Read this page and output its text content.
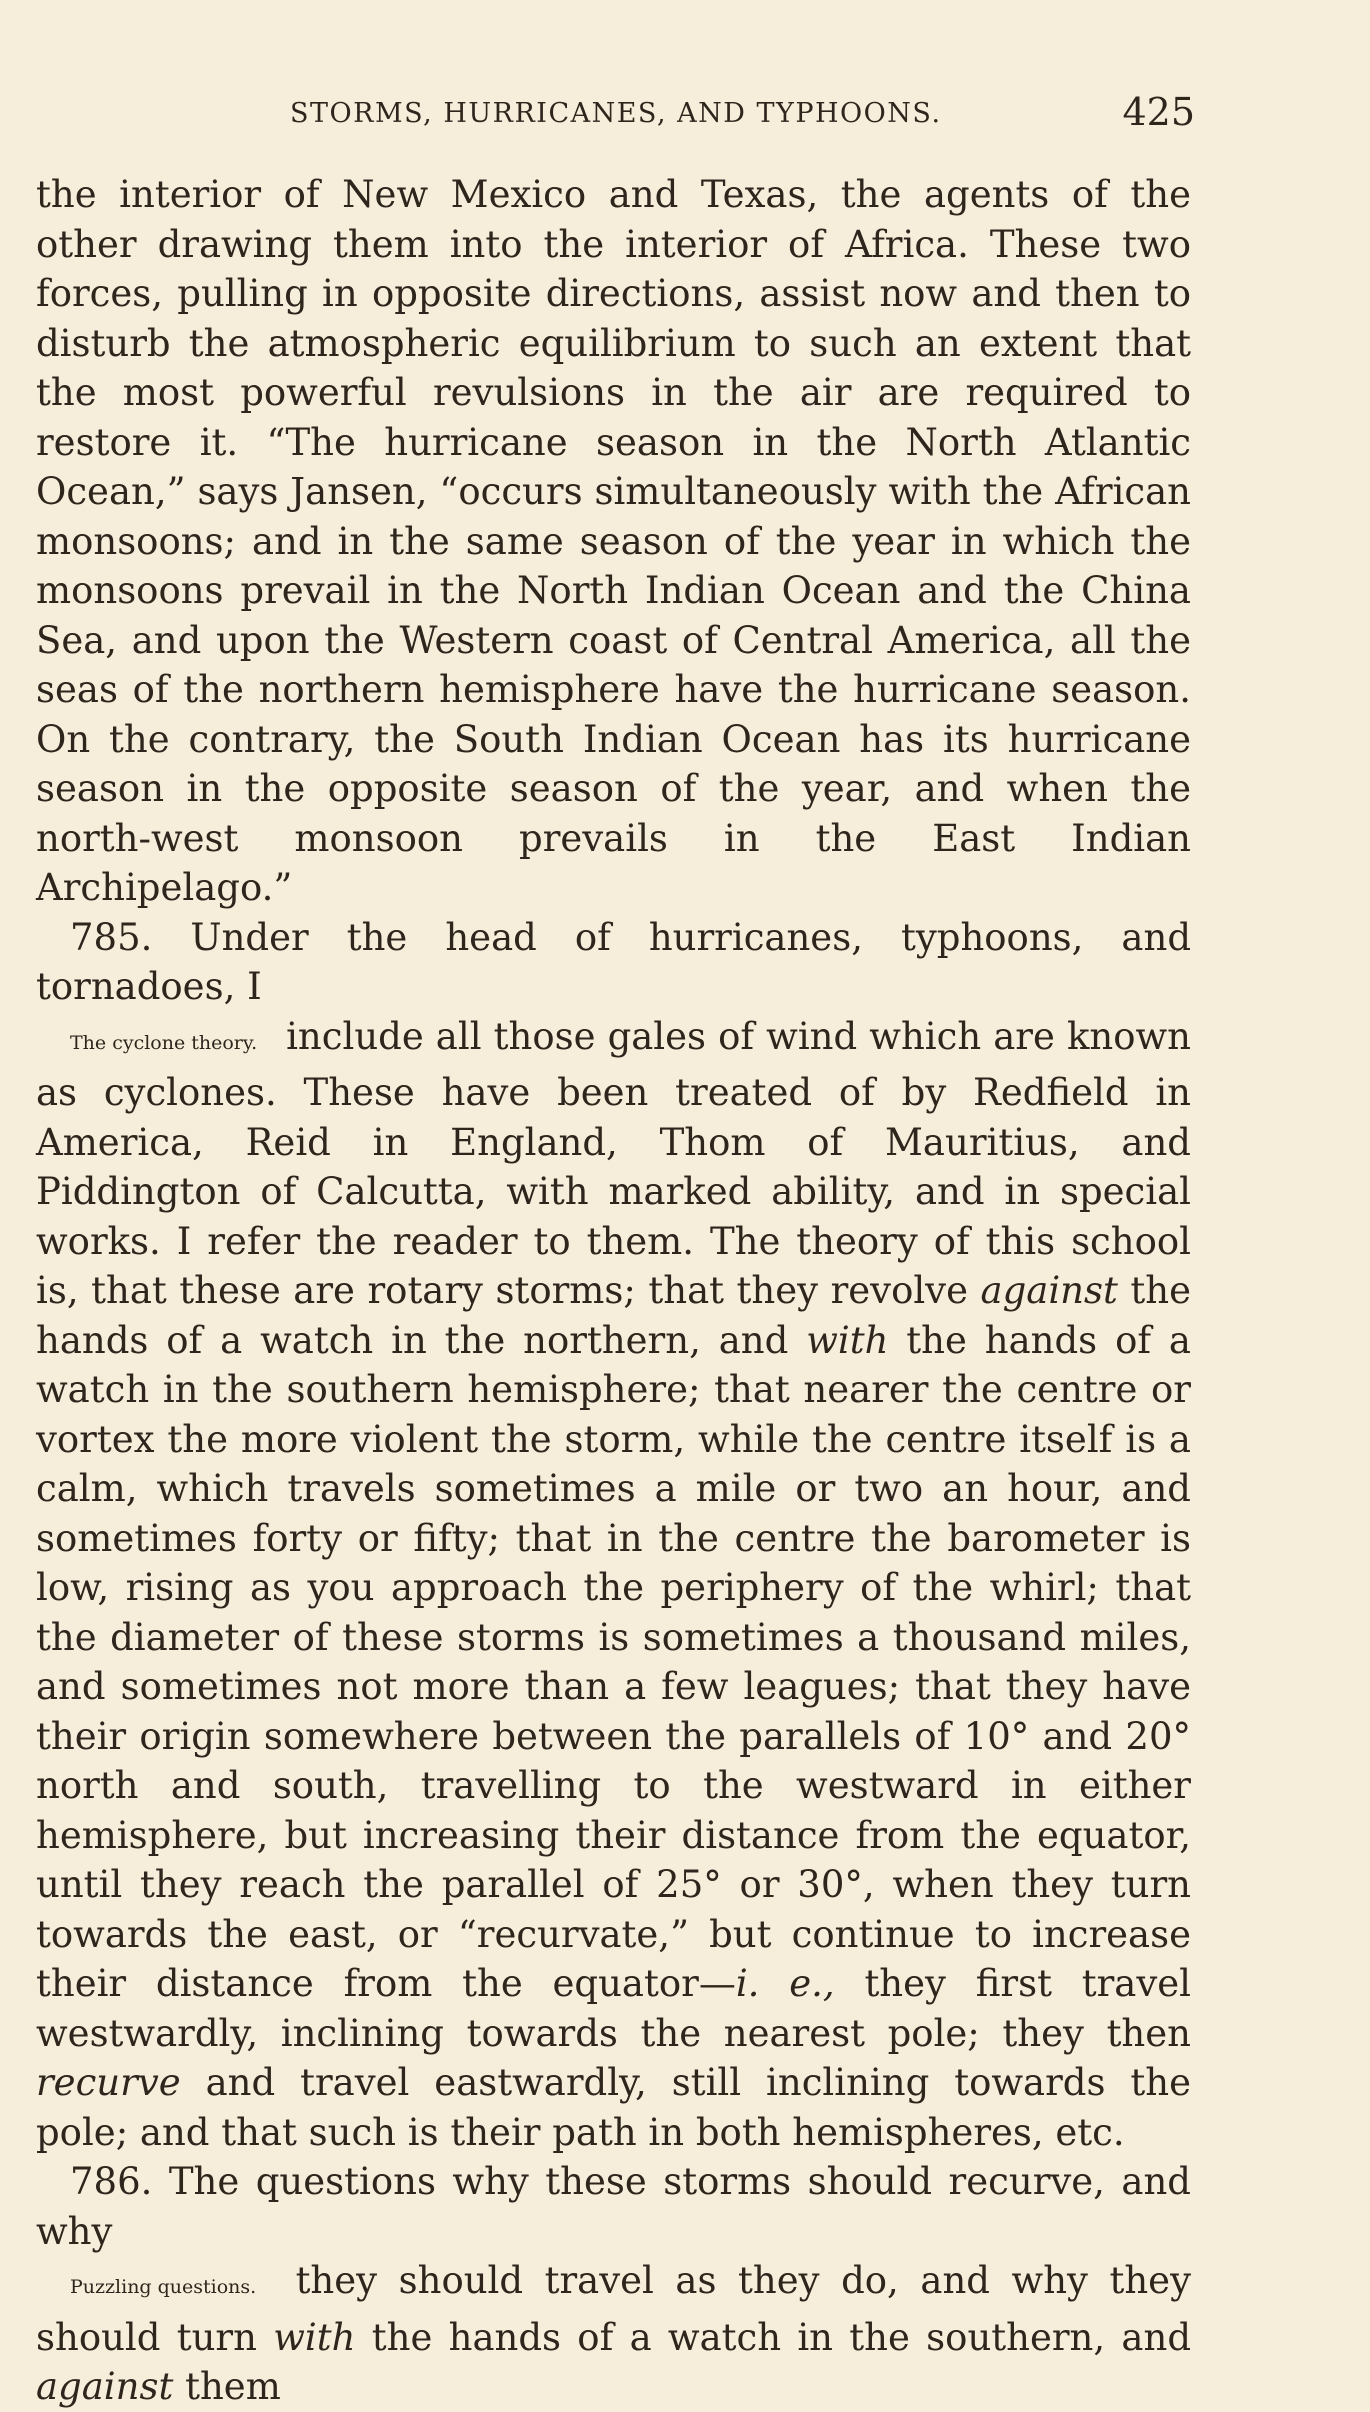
STORMS, HURRICANES, AND TYPHOONS.	425

the interior of New Mexico and Texas, the agents of the other drawing them into the interior of Africa. These two forces, pulling in opposite directions, assist now and then to disturb the atmospheric equilibrium to such an extent that the most powerful revulsions in the air are required to restore it. “The hurricane season in the North Atlantic Ocean,” says Jansen, “occurs simultaneously with the African monsoons; and in the same season of the year in which the monsoons prevail in the North Indian Ocean and the China Sea, and upon the Western coast of Central America, all the seas of the northern hemisphere have the hurricane season. On the contrary, the South Indian Ocean has its hurricane season in the opposite season of the year, and when the north-west monsoon prevails in the East Indian Archipelago.”

785. Under the head of hurricanes, typhoons, and tornadoes, I
The cyclone theory. include all those gales of wind which are known as cyclones. These have been treated of by Redfield in America, Reid in England, Thom of Mauritius, and Piddington of Calcutta, with marked ability, and in special works. I refer the reader to them. The theory of this school is, that these are rotary storms; that they revolve against the hands of a watch in the northern, and with the hands of a watch in the southern hemisphere; that nearer the centre or vortex the more violent the storm, while the centre itself is a calm, which travels sometimes a mile or two an hour, and sometimes forty or fifty; that in the centre the barometer is low, rising as you approach the periphery of the whirl; that the diameter of these storms is sometimes a thousand miles, and sometimes not more than a few leagues; that they have their origin somewhere between the parallels of 10° and 20° north and south, travelling to the westward in either hemisphere, but increasing their distance from the equator, until they reach the parallel of 25° or 30°, when they turn towards the east, or “recurvate,” but continue to increase their distance from the equator—i. e., they first travel westwardly, inclining towards the nearest pole; they then recurve and travel eastwardly, still inclining towards the pole; and that such is their path in both hemispheres, etc.

786. The questions why these storms should recurve, and why
Puzzling questions. they should travel as they do, and why they should turn with the hands of a watch in the southern, and against them
